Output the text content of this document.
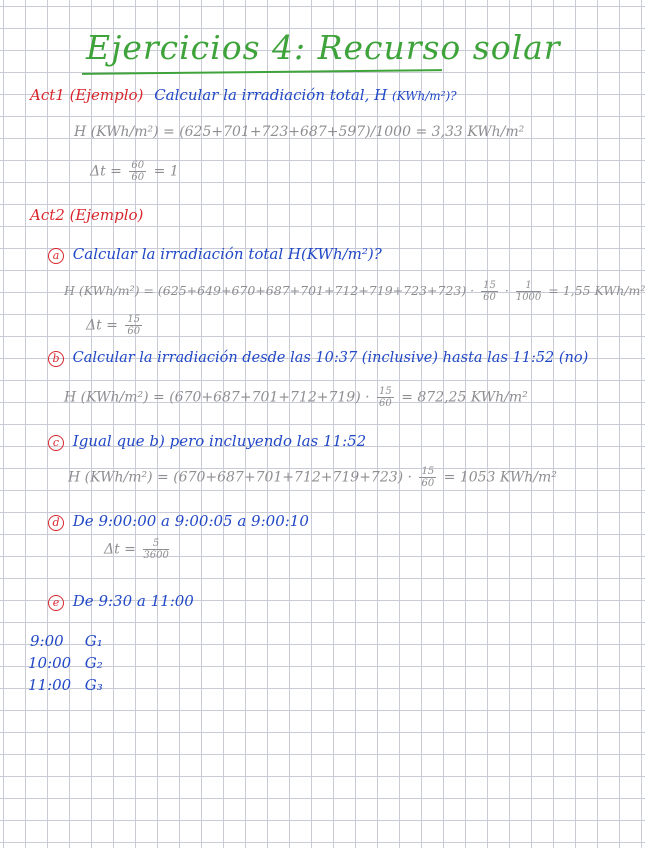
Ejercicios 4: Recurso solar
Act1 (Ejemplo) Calcular la irradiación total, H (KWh/m²)?
H (KWh/m²) = (625+701+723+687+597)/1000 = 3,33 KWh/m²
$\Delta t = \frac{60}{60} = 1$
Act2 (Ejemplo)
a Calcular la irradiación total H(KWh/m²)?
H $(KWh/m^2) = (625+649+670+687+701+712+719+723+723) \cdot \frac{15}{60} \cdot \frac{1}{1000} = 1,55$ KWh/m²
$\Delta t = \frac{15}{60}$
b Calcular la irradiación desde las 10:37 (inclusive) hasta las 11:52 (no)
H $(KWh/m^2) = (670+687+701+712+719) \cdot \frac{15}{60} = 872,25$ KWh/m²
c Igual que b) pero incluyendo las 11:52
H $(KWh/m^2) = (670+687+701+712+719+723) \cdot \frac{15}{60} = 1053$ KWh/m²
d De 9:00:00 a 9:00:05 a 9:00:10
$\Delta t = \frac{5}{3600}$
e De 9:30 a 11:00
9:00 G₁
10:00 G₂
11:00 G₃
